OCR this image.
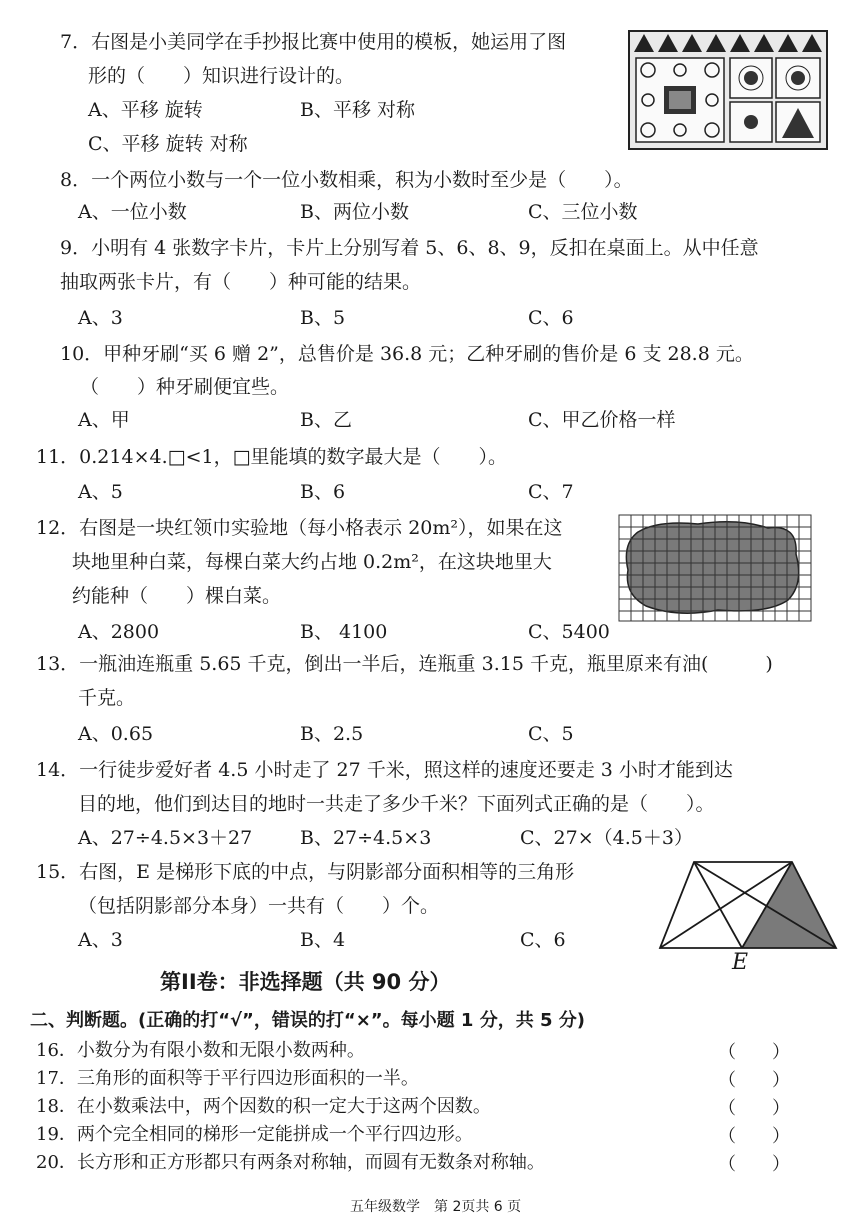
7．右图是小美同学在手抄报比赛中使用的模板，她运用了图
形的（　　）知识进行设计的。
A、平移 旋转	B、平移 对称
C、平移 旋转 对称
8．一个两位小数与一个一位小数相乘，积为小数时至少是（　　）。
A、一位小数	B、两位小数	C、三位小数
9．小明有 4 张数字卡片，卡片上分别写着 5、6、8、9，反扣在桌面上。从中任意
抽取两张卡片，有（　　）种可能的结果。
A、3	B、5	C、6
10．甲种牙刷“买 6 赠 2”，总售价是 36.8 元；乙种牙刷的售价是 6 支 28.8 元。
（　　）种牙刷便宜些。
A、甲	B、乙	C、甲乙价格一样
11．0.214×4.□<1，□里能填的数字最大是（　　）。
A、5	B、6	C、7
12．右图是一块红领巾实验地（每小格表示 20m²），如果在这
块地里种白菜，每棵白菜大约占地 0.2m²，在这块地里大
约能种（　　）棵白菜。
A、2800	B、 4100	C、5400
13．一瓶油连瓶重 5.65 千克，倒出一半后，连瓶重 3.15 千克，瓶里原来有油(　　　)
千克。
A、0.65	B、2.5	C、5
14．一行徒步爱好者 4.5 小时走了 27 千米，照这样的速度还要走 3 小时才能到达
目的地，他们到达目的地时一共走了多少千米？下面列式正确的是（　　）。
A、27÷4.5×3＋27	B、27÷4.5×3	C、27×（4.5＋3）
15．右图，E 是梯形下底的中点，与阴影部分面积相等的三角形
（包括阴影部分本身）一共有（　　）个。
A、3	B、4	C、6
E
第II卷：非选择题（共 90 分）
二、判断题。(正确的打“√”，错误的打“×”。每小题 1 分，共 5 分)
16．小数分为有限小数和无限小数两种。	（　　）
17．三角形的面积等于平行四边形面积的一半。	（　　）
18．在小数乘法中，两个因数的积一定大于这两个因数。	（　　）
19．两个完全相同的梯形一定能拼成一个平行四边形。	（　　）
20．长方形和正方形都只有两条对称轴，而圆有无数条对称轴。	（　　）
五年级数学　第 2页共 6 页
